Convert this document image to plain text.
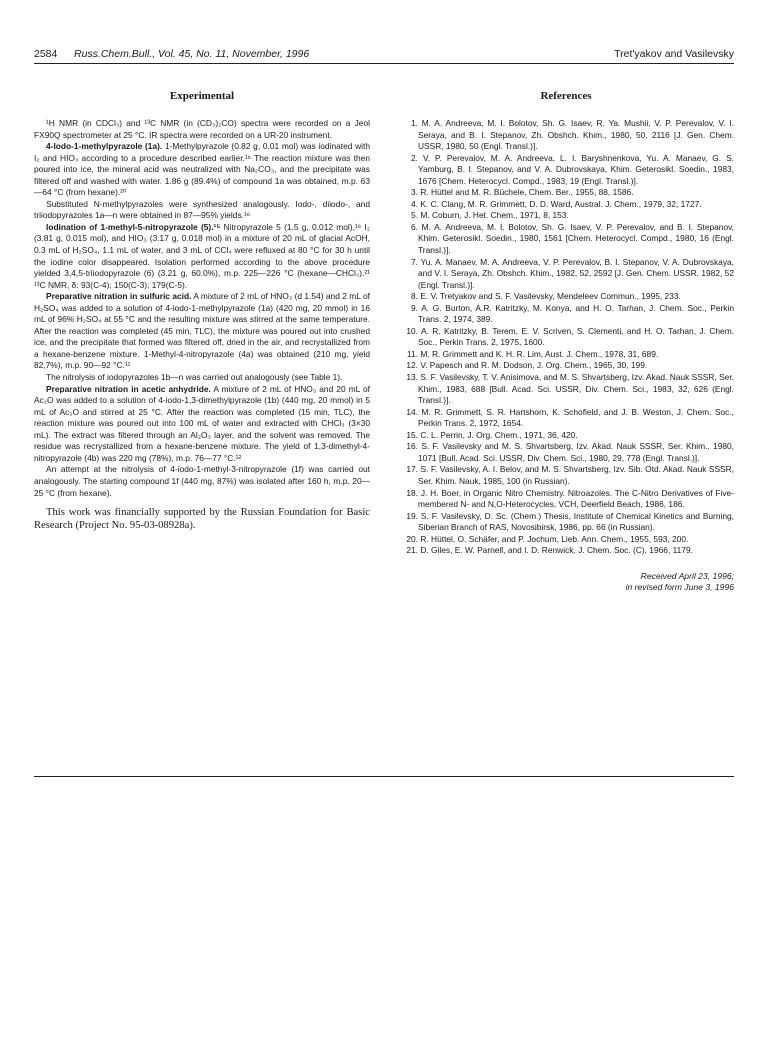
2584 Russ.Chem.Bull., Vol. 45, No. 11, November, 1996	Tret'yakov and Vasilevsky
Experimental

¹H NMR (in CDCl₃) and ¹³C NMR (in (CD₃)₂CO) spectra were recorded on a Jeol FX90Q spectrometer at 25 °C. IR spectra were recorded on a UR-20 instrument.

4-Iodo-1-methylpyrazole (1a). 1-Methylpyrazole (0.82 g, 0.01 mol) was iodinated with I₂ and HIO₃ according to a procedure described earlier.¹⁶ The reaction mixture was then poured into ice, the mineral acid was neutralized with Na₂CO₃, and the precipitate was filtered off and washed with water. 1.86 g (89.4%) of compound 1a was obtained, m.p. 63—64 °C (from hexane).²⁰

Substituted N-methylpyrazoles were synthesized analogously. Iodo-, diiodo-, and triiodopyrazoles 1a—n were obtained in 87—95% yields.¹⁶

Iodination of 1-methyl-5-nitropyrazole (5).¹⁵ Nitropyrazole 5 (1.5 g, 0.012 mol),¹⁶ I₂ (3.81 g, 0.015 mol), and HIO₃ (3.17 g, 0.018 mol) in a mixture of 20 mL of glacial AcOH, 0.3 mL of H₂SO₄, 1.1 mL of water, and 3 mL of CCl₄ were refluxed at 80 °C for 30 h until the iodine color disappeared. Isolation performed according to the above procedure yielded 3,4,5-triiodopyrazole (6) (3.21 g, 60.0%), m.p. 225—226 °C (hexane—CHCl₃).²¹ ¹³C NMR, δ: 93(C-4); 150(C-3); 179(C-5).

Preparative nitration in sulfuric acid. A mixture of 2 mL of HNO₃ (d 1.54) and 2 mL of H₂SO₄ was added to a solution of 4-iodo-1-methylpyrazole (1a) (420 mg, 20 mmol) in 16 mL of 96% H₂SO₄ at 55 °C and the resulting mixture was stirred at the same temperature. After the reaction was completed (45 min, TLC), the mixture was poured out into crushed ice, and the precipitate that formed was filtered off, dried in the air, and recrystallized from a hexane-benzene mixture. 1-Methyl-4-nitropyrazole (4a) was obtained (210 mg, yield 82,7%), m.p. 90—92 °C.¹¹

The nitrolysis of iodopyrazoles 1b—n was carried out analogously (see Table 1).

Preparative nitration in acetic anhydride. A mixture of 2 mL of HNO₃ and 20 mL of Ac₂O was added to a solution of 4-iodo-1,3-dimethylpyrazole (1b) (440 mg, 20 mmol) in 5 mL of Ac₂O and stirred at 25 °C. After the reaction was completed (15 min, TLC), the reaction mixture was poured out into 100 mL of water and extracted with CHCl₃ (3×30 mL). The extract was filtered through an Al₂O₃ layer, and the solvent was removed. The residue was recrystallized from a hexane-benzene mixture. The yield of 1,3-dimethyl-4-nitropyrazole (4b) was 220 mg (78%), m.p. 76—77 °C.¹²

An attempt at the nitrolysis of 4-iodo-1-methyl-3-nitropyrazole (1f) was carried out analogously. The starting compound 1f (440 mg, 87%) was isolated after 160 h, m.p. 20—25 °C (from hexane).

This work was financially supported by the Russian Foundation for Basic Research (Project No. 95-03-08928a).

References
1. M. A. Andreeva, M. I. Bolotov, Sh. G. Isaev, R. Ya. Mushii, V. P. Perevalov, V. I. Seraya, and B. I. Stepanov, Zh. Obshch. Khim., 1980, 50, 2116 [J. Gen. Chem. USSR, 1980, 50 (Engl. Transl.)].
2. V. P. Perevalov, M. A. Andreeva, L. I. Baryshnenkova, Yu. A. Manaev, G. S. Yamburg, B. I. Stepanov, and V. A. Dubrovskaya, Khim. Geterosikl. Soedin., 1983, 1676 [Chem. Heterocycl. Compd., 1983, 19 (Engl. Transl.)].
3. R. Hüttel and M. R. Büchele, Chem. Ber., 1955, 88, 1586.
4. K. C. Clang, M. R. Grimmett, D. D. Ward, Austral. J. Chem., 1979, 32, 1727.
5. M. Coburn, J. Het. Chem., 1971, 8, 153.
6. M. A. Andreeva, M. I. Bolotov, Sh. G. Isaev, V. P. Perevalov, and B. I. Stepanov, Khim. Geterosikl. Soedin., 1980, 1561 [Chem. Heterocycl. Compd., 1980, 16 (Engl. Transl.)].
7. Yu. A. Manaev, M. A. Andreeva, V. P. Perevalov, B. I. Stepanov, V. A. Dubrovskaya, and V. I. Seraya, Zh. Obshch. Khim., 1982, 52, 2592 [J. Gen. Chem. USSR, 1982, 52 (Engl. Transl.)].
8. E. V. Tretyakov and S. F. Vasilevsky, Mendeleev Commun., 1995, 233.
9. A. G. Burton, A.R. Katritzky, M. Konya, and H. O. Tarhan, J. Chem. Soc., Perkin Trans. 2, 1974, 389.
10. A. R. Katritzky, B. Terem, E. V. Scriven, S. Clementi, and H. O. Tarhan, J. Chem. Soc., Perkin Trans. 2, 1975, 1600.
11. M. R. Grimmett and K. H. R. Lim, Aust. J. Chem., 1978, 31, 689.
12. V. Papesch and R. M. Dodson, J. Org. Chem., 1965, 30, 199.
13. S. F. Vasilevsky, T. V. Anisimova, and M. S. Shvartsberg, Izv. Akad. Nauk SSSR, Ser. Khim., 1983, 688 [Bull. Acad. Sci. USSR, Div. Chem. Sci., 1983, 32, 626 (Engl. Transl.)].
14. M. R. Grimmett, S. R. Hartshorn, K. Schofield, and J. B. Weston, J. Chem. Soc., Perkin Trans. 2, 1972, 1654.
15. C. L. Perrin, J. Org. Chem., 1971, 36, 420.
16. S. F. Vasilevsky and M. S. Shvartsberg, Izv. Akad. Nauk SSSR, Ser. Khim., 1980, 1071 [Bull. Acad. Sci. USSR, Div. Chem. Sci., 1980, 29, 778 (Engl. Transl.)].
17. S. F. Vasilevsky, A. I. Belov, and M. S. Shvartsberg, Izv. Sib. Otd. Akad. Nauk SSSR, Ser. Khim. Nauk, 1985, 100 (in Russian).
18. J. H. Boer, in Organic Nitro Chemistry. Nitroazoles. The C-Nitro Derivatives of Five-membered N- and N,O-Heterocycles, VCH, Deerfield Beach, 1986, 186.
19. S. F. Vasilevsky, D. Sc. (Chem.) Thesis, Institute of Chemical Kinetics and Burning, Siberian Branch of RAS, Novosibirsk, 1986, pp. 66 (in Russian).
20. R. Hüttel, O. Schäfer, and P. Jochum, Lieb. Ann. Chem., 1955, 593, 200.
21. D. Giles, E. W. Parnell, and I. D. Renwick, J. Chem. Soc. (C), 1966, 1179.
Received April 23, 1996;
in revised form June 3, 1996
